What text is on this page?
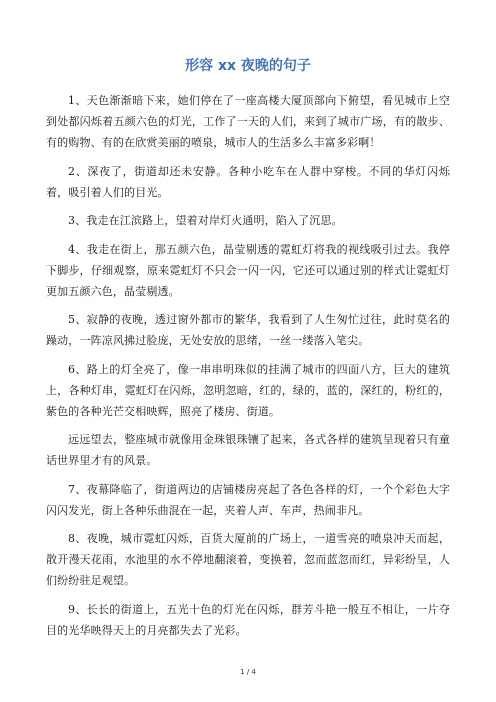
形容 xx 夜晚的句子

1、天色渐渐暗下来，她们停在了一座高楼大厦顶部向下俯望，看见城市上空到处都闪烁着五颜六色的灯光，工作了一天的人们，来到了城市广场，有的散步、有的购物、有的在欣赏美丽的喷泉，城市人的生活多么丰富多彩啊！

2、深夜了，街道却还未安静。各种小吃车在人群中穿梭。不同的华灯闪烁着，吸引着人们的目光。

3、我走在江滨路上，望着对岸灯火通明，陷入了沉思。

4、我走在街上，那五颜六色，晶莹剔透的霓虹灯将我的视线吸引过去。我停下脚步，仔细观察，原来霓虹灯不只会一闪一闪，它还可以通过别的样式让霓虹灯更加五颜六色，晶莹剔透。

5、寂静的夜晚，透过窗外都市的繁华，我看到了人生匆忙过往，此时莫名的躁动，一阵凉风拂过脸庞，无处安放的思绪，一丝一缕落入笔尖。

6、路上的灯全亮了，像一串串明珠似的挂满了城市的四面八方，巨大的建筑上，各种灯串，霓虹灯在闪烁，忽明忽暗，红的，绿的，蓝的，深红的，粉红的，紫色的各种光芒交相映辉，照亮了楼房、街道。

远远望去，整座城市就像用金珠银珠镶了起来，各式各样的建筑呈现着只有童话世界里才有的风景。

7、夜幕降临了，街道两边的店铺楼房亮起了各色各样的灯，一个个彩色大字闪闪发光，街上各种乐曲混在一起，夹着人声、车声，热闹非凡。

8、夜晚，城市霓虹闪烁，百货大厦前的广场上，一道雪亮的喷泉冲天而起，散开漫天花雨，水池里的水不停地翻滚着，变换着，忽而蓝忽而红，异彩纷呈，人们纷纷驻足观望。

9、长长的街道上，五光十色的灯光在闪烁，群芳斗艳一般互不相让，一片夺目的光华映得天上的月亮都失去了光彩。

1 / 4
